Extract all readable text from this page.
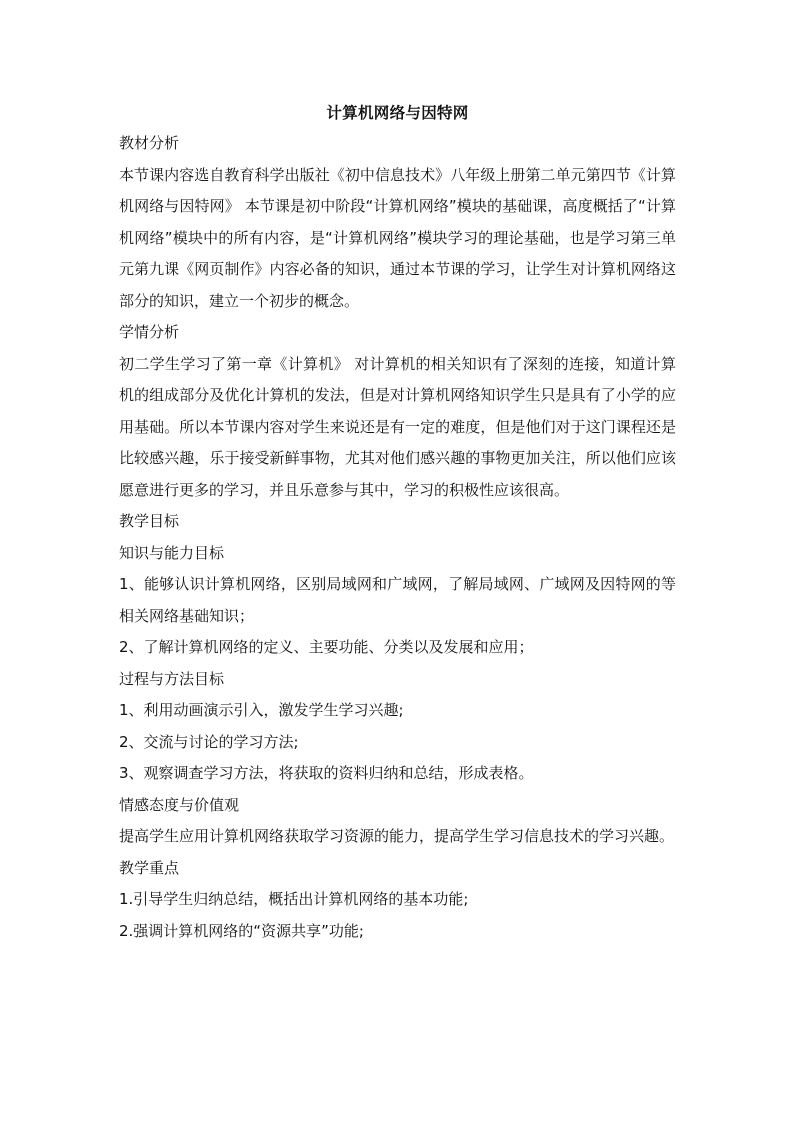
计算机网络与因特网
教材分析
本节课内容选自教育科学出版社《初中信息技术》八年级上册第二单元第四节《计算机网络与因特网》 本节课是初中阶段“计算机网络”模块的基础课，高度概括了“计算机网络”模块中的所有内容，是“计算机网络”模块学习的理论基础，也是学习第三单元第九课《网页制作》内容必备的知识，通过本节课的学习，让学生对计算机网络这部分的知识，建立一个初步的概念。
学情分析
初二学生学习了第一章《计算机》 对计算机的相关知识有了深刻的连接，知道计算机的组成部分及优化计算机的发法，但是对计算机网络知识学生只是具有了小学的应用基础。所以本节课内容对学生来说还是有一定的难度，但是他们对于这门课程还是比较感兴趣，乐于接受新鲜事物，尤其对他们感兴趣的事物更加关注，所以他们应该愿意进行更多的学习，并且乐意参与其中，学习的积极性应该很高。
教学目标
知识与能力目标
1、能够认识计算机网络，区别局域网和广域网，了解局域网、广域网及因特网的等相关网络基础知识；
2、了解计算机网络的定义、主要功能、分类以及发展和应用；
过程与方法目标
1、利用动画演示引入，激发学生学习兴趣;
2、交流与讨论的学习方法;
3、观察调查学习方法，将获取的资料归纳和总结，形成表格。
情感态度与价值观
提高学生应用计算机网络获取学习资源的能力，提高学生学习信息技术的学习兴趣。
教学重点
1.引导学生归纳总结，概括出计算机网络的基本功能;
2.强调计算机网络的“资源共享”功能;
